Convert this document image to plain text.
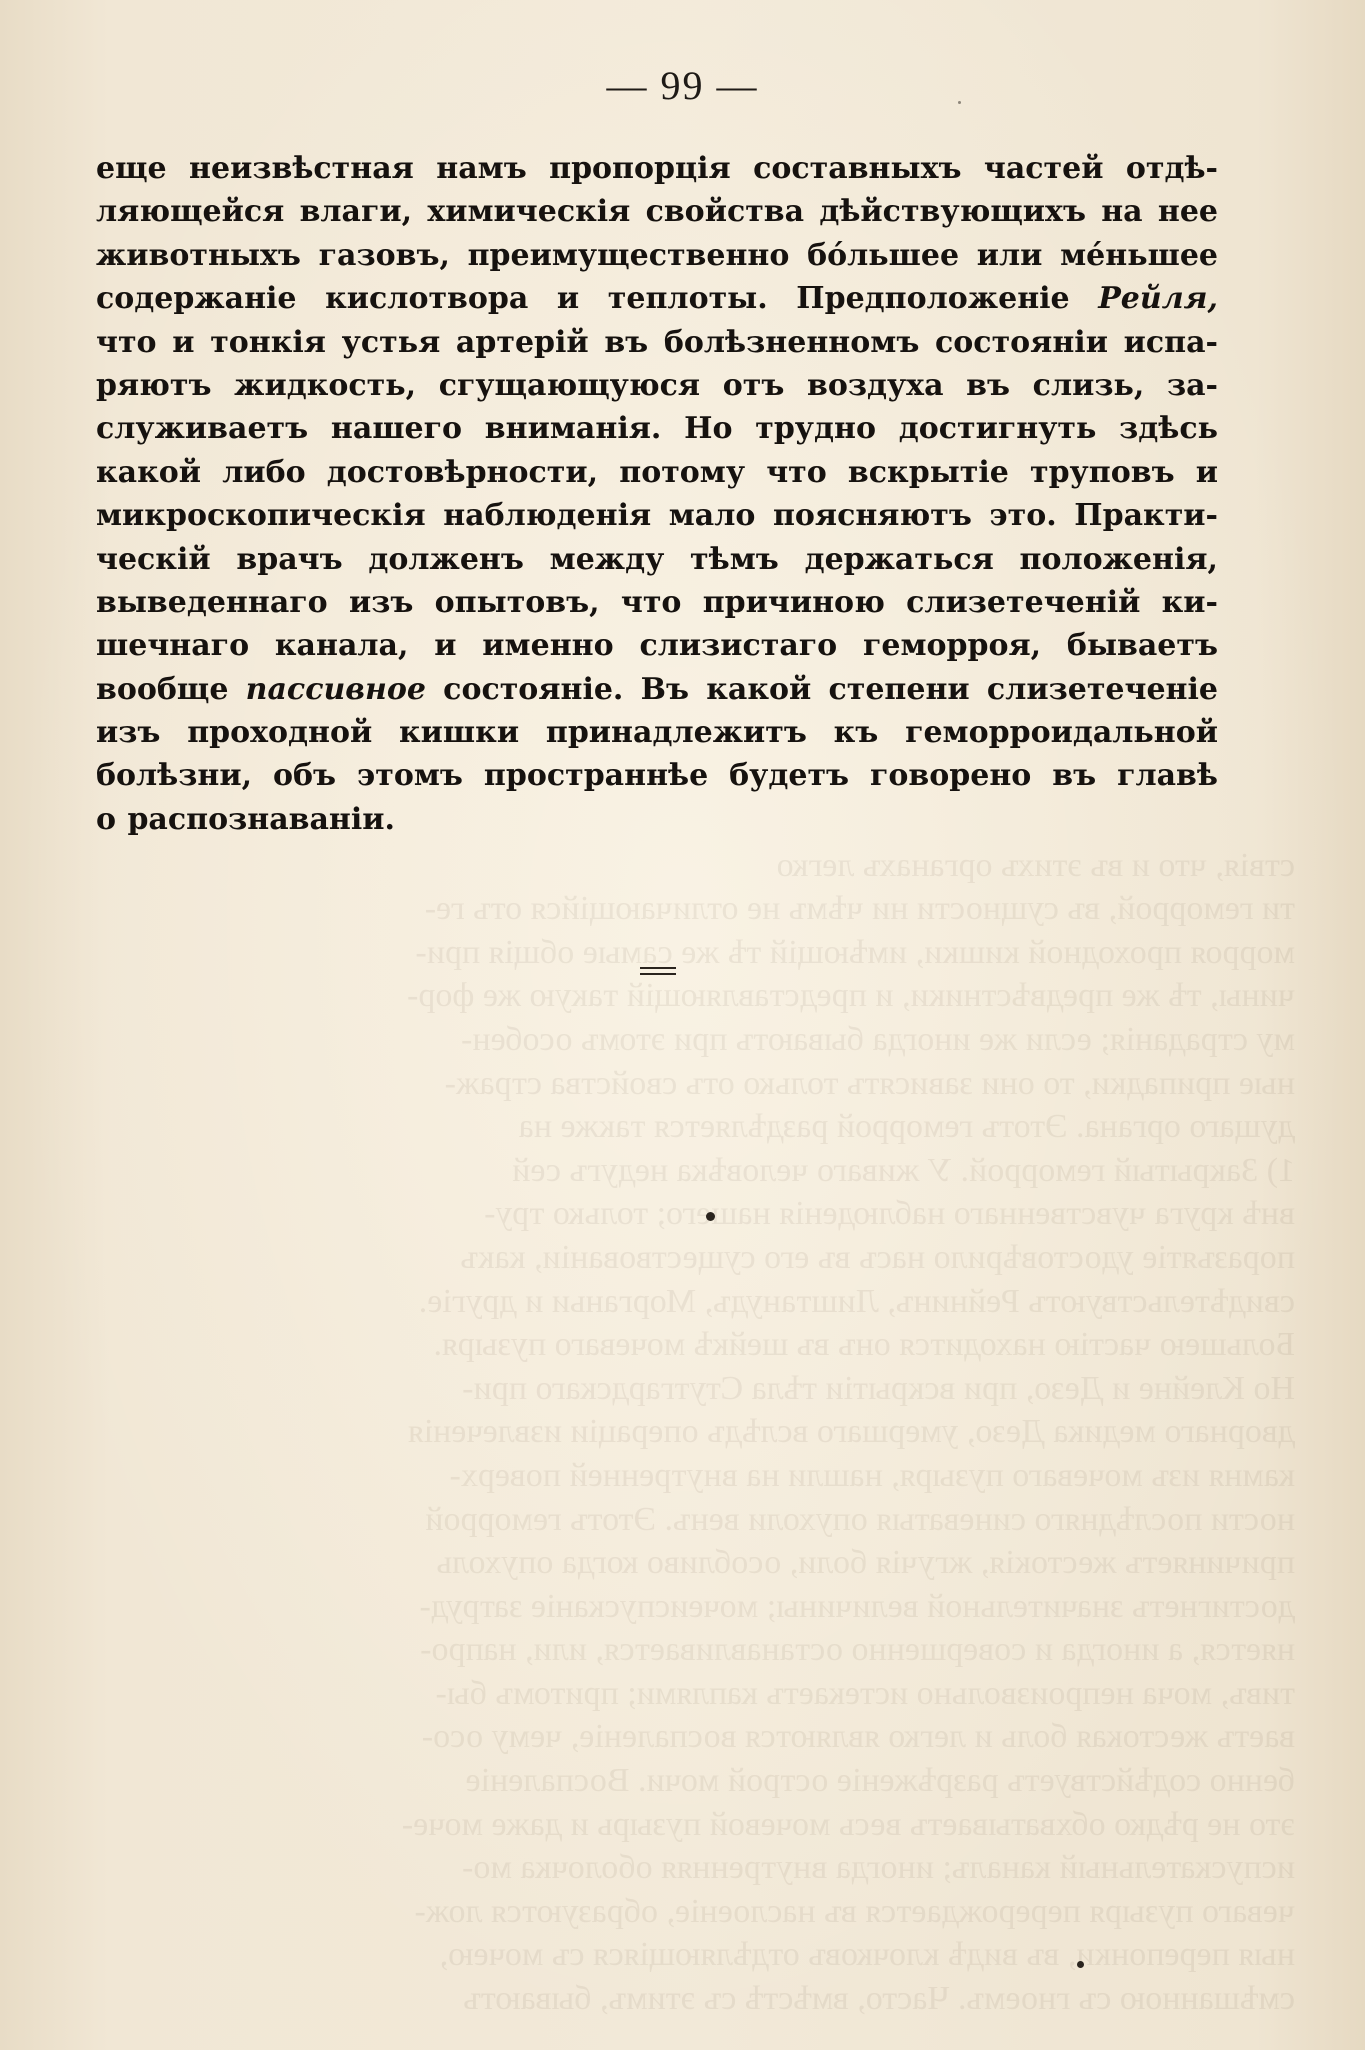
ствія, что и въ этихъ органахъ легко
ти геморрой, въ сущности ни чѣмъ не отличающійся отъ ге-
морроя проходной кишки, имѣющій тѣ же самые общія при-
чины, тѣ же предвѣстники, и представляющій такую же фор-
му страданія; если же иногда бываютъ при этомъ особен-
ные припадки, то они зависятъ только отъ свойства страж-
дущаго органа. Этотъ геморрой раздѣляется также на
1) Закрытый геморрой. У живаго человѣка недугъ сей
внѣ круга чувственнаго наблюденія только тру-
поразъятіе удостовѣрило насъ въ его существованіи, какъ
свидѣтельствуютъ Рейнинъ, Лиштанудъ, Морганьи и другіе.
Большею частію находится онъ въ шейкѣ мочеваго пузыря.
Но Клейне и Дезо, при вскрытіи тѣла Стутгардскаго при-
дворнаго медика Дезо, умершаго вслѣдъ операціи извлеченія
камня изъ мочеваго пузыря, нашли на внутренней поверх-
ности послѣдняго синеватыя опухоли венъ. Этотъ геморрой
причиняетъ жестокія, жгучія боли, особливо когда опухоль
достигнетъ значительной величины; мочеиспусканіе затруд-
няется, а иногда и совершенно останавливается, или, напро-
тивъ, моча непроизвольно истекаетъ каплями; притомъ бы-
ваетъ жестокая боль и легко являются воспаленіе, чему осо-
бенно содѣйствуетъ разрѣженіе острой мочи. Воспаленіе
это не рѣдко обхватываетъ весь мочевой пузырь и даже моче-
испускательный каналъ; иногда внутренняя оболочка мо-
чеваго пузыря перерождается въ наслоеніе, образуются лож-
ныя перепонки, въ видѣ клочковъ отдѣляющіяся съ мочею,
смѣшанною съ гноемъ. Часто, вмѣстѣ съ этимъ, бываютъ

— 99 —
еще неизвѣстная намъ пропорція составныхъ частей отдѣ-
ляющейся влаги, химическія свойства дѣйствующихъ на нее
животныхъ газовъ, преимущественно бо́льшее или ме́ньшее
содержаніе кислотвора и теплоты. Предположеніе Рейля,
что и тонкія устья артерій въ болѣзненномъ состояніи испа-
ряютъ жидкость, сгущающуюся отъ воздуха въ слизь, за-
служиваетъ нашего вниманія. Но трудно достигнуть здѣсь
какой либо достовѣрности, потому что вскрытіе труповъ и
микроскопическія наблюденія мало поясняютъ это. Практи-
ческій врачъ долженъ между тѣмъ держаться положенія,
выведеннаго изъ опытовъ, что причиною слизетеченій ки-
шечнаго канала, и именно слизистаго геморроя, бываетъ
вообще пассивное состояніе. Въ какой степени слизетеченіе
изъ проходной кишки принадлежитъ къ геморроидальной
болѣзни, объ этомъ пространнѣе будетъ говорено въ главѣ
о распознаваніи.
